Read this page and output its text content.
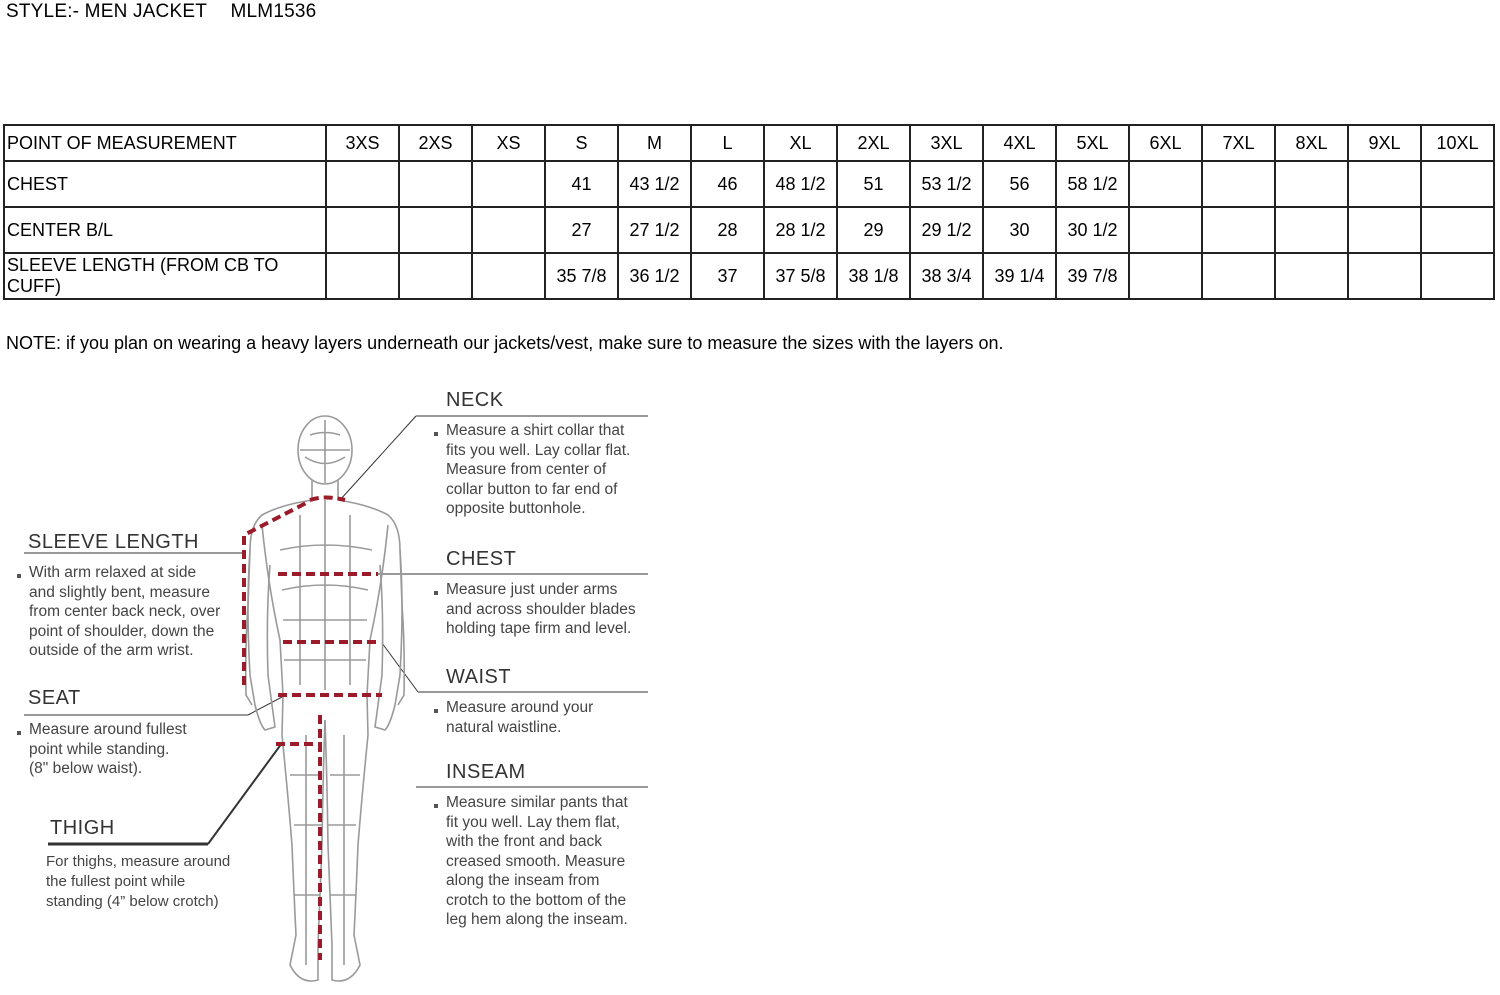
STYLE:- MEN JACKET MLM1536
POINT OF MEASUREMENT	3XS	2XS	XS	S	M	L	XL	2XL	3XL	4XL	5XL	6XL	7XL	8XL	9XL	10XL
CHEST				41	43 1/2	46	48 1/2	51	53 1/2	56	58 1/2					
CENTER B/L				27	27 1/2	28	28 1/2	29	29 1/2	30	30 1/2					
SLEEVE LENGTH (FROM CB TO CUFF)				35 7/8	36 1/2	37	37 5/8	38 1/8	38 3/4	39 1/4	39 7/8					
NOTE: if you plan on wearing a heavy layers underneath our jackets/vest, make sure to measure the sizes with the layers on.
NECK
Measure a shirt collar that
fits you well. Lay collar flat.
Measure from center of
collar button to far end of
opposite buttonhole.
CHEST
Measure just under arms
and across shoulder blades
holding tape firm and level.
WAIST
Measure around your
natural waistline.
INSEAM
Measure similar pants that
fit you well. Lay them flat,
with the front and back
creased smooth. Measure
along the inseam from
crotch to the bottom of the
leg hem along the inseam.
SLEEVE LENGTH
With arm relaxed at side
and slightly bent, measure
from center back neck, over
point of shoulder, down the
outside of the arm wrist.
SEAT
Measure around fullest
point while standing.
(8" below waist).
THIGH
For thighs, measure around
the fullest point while
standing (4” below crotch)
